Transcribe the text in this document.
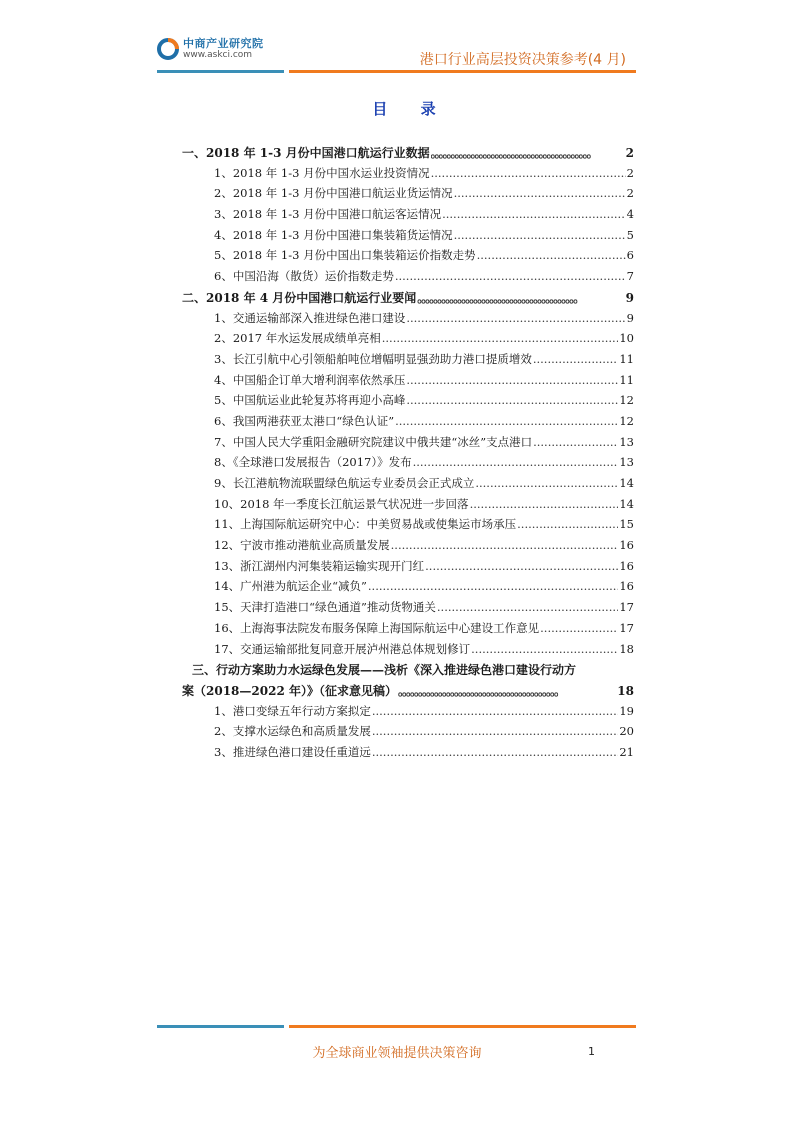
中商产业研究院
www.askci.com	港口行业高层投资决策参考(4 月)
目 录
一、2018 年 1-3 月份中国港口航运行业数据 。。。。。。。。。。。。。。。。。。。。。。。。。。。。。。。。。。。。。。。。	2
1、2018 年 1-3 月份中国水运业投资情况 .....	2
2、2018 年 1-3 月份中国港口航运业货运情况 .....	2
3、2018 年 1-3 月份中国港口航运客运情况 .....	4
4、2018 年 1-3 月份中国港口集装箱货运情况 .....	5
5、2018 年 1-3 月份中国出口集装箱运价指数走势 .....	6
6、中国沿海（散货）运价指数走势 .....	7
二、2018 年 4 月份中国港口航运行业要闻 。。。。。。。。。。。。。。。。。。。。。。。。。。。。。。。。。。。。。。。。	9
1、交通运输部深入推进绿色港口建设 .....	9
2、2017 年水运发展成绩单亮相 .....	10
3、长江引航中心引领船舶吨位增幅明显强劲助力港口提质增效 .....	11
4、中国船企订单大增利润率依然承压 .....	11
5、中国航运业此轮复苏将再迎小高峰 .....	12
6、我国两港获亚太港口“绿色认证” .....	12
7、中国人民大学重阳金融研究院建议中俄共建“冰丝”支点港口 .....	13
8、《全球港口发展报告（2017）》发布 .....	13
9、长江港航物流联盟绿色航运专业委员会正式成立 .....	14
10、2018 年一季度长江航运景气状况进一步回落 .....	14
11、上海国际航运研究中心：中美贸易战或使集运市场承压 .....	15
12、宁波市推动港航业高质量发展 .....	16
13、浙江湖州内河集装箱运输实现开门红 .....	16
14、广州港为航运企业“减负” .....	16
15、天津打造港口“绿色通道”推动货物通关 .....	17
16、上海海事法院发布服务保障上海国际航运中心建设工作意见 .....	17
17、交通运输部批复同意开展泸州港总体规划修订 .....	18
三、行动方案助力水运绿色发展——浅析《深入推进绿色港口建设行动方
案（2018—2022 年）》（征求意见稿） 。。。。。。。。。。。。。。。。。。。。。。。。。。。。。。。。。。。。。。。。	18
1、港口变绿五年行动方案拟定 .....	19
2、支撑水运绿色和高质量发展 .....	20
3、推进绿色港口建设任重道远 .....	21
为全球商业领袖提供决策咨询	1
